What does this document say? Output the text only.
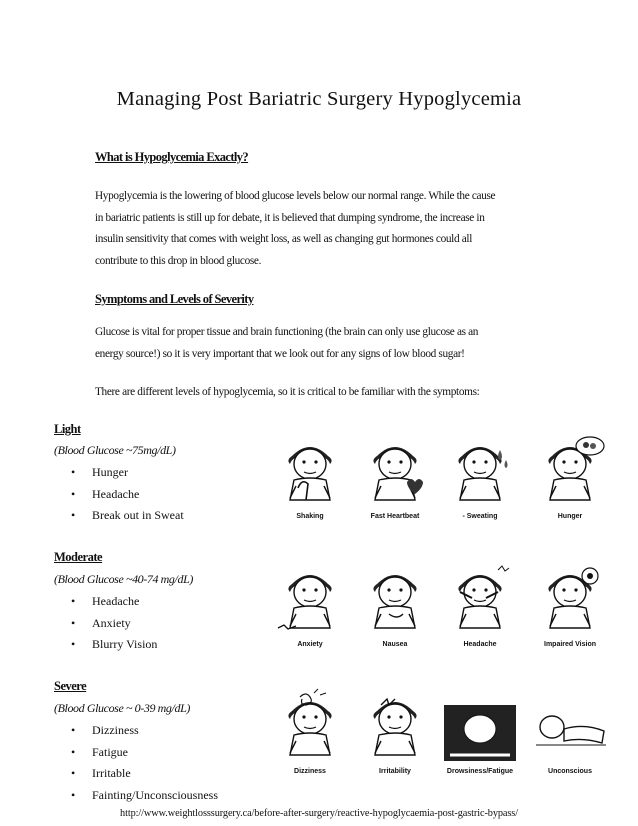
Managing Post Bariatric Surgery Hypoglycemia
What is Hypoglycemia Exactly?
Hypoglycemia is the lowering of blood glucose levels below our normal range. While the cause
in bariatric patients is still up for debate, it is believed that dumping syndrome, the increase in
insulin sensitivity that comes with weight loss, as well as changing gut hormones could all
contribute to this drop in blood glucose.
Symptoms and Levels of Severity
Glucose is vital for proper tissue and brain functioning (the brain can only use glucose as an
energy source!) so it is very important that we look out for any signs of low blood sugar!
There are different levels of hypoglycemia, so it is critical to be familiar with the symptoms:
Light
(Blood Glucose ~75mg/dL)
• Hunger
• Headache
• Break out in Sweat
Moderate
(Blood Glucose ~40-74 mg/dL)
• Headache
• Anxiety
• Blurry Vision
Severe
(Blood Glucose ~ 0-39 mg/dL)
• Dizziness
• Fatigue
• Irritable
• Fainting/Unconsciousness
Shaking	Fast Heartbeat	- Sweating	Hunger
Anxiety	Nausea	Headache	Impaired Vision
Dizziness	Irritability	Drowsiness/Fatigue	Unconscious
http://www.weightlosssurgery.ca/before-after-surgery/reactive-hypoglycaemia-post-gastric-bypass/
